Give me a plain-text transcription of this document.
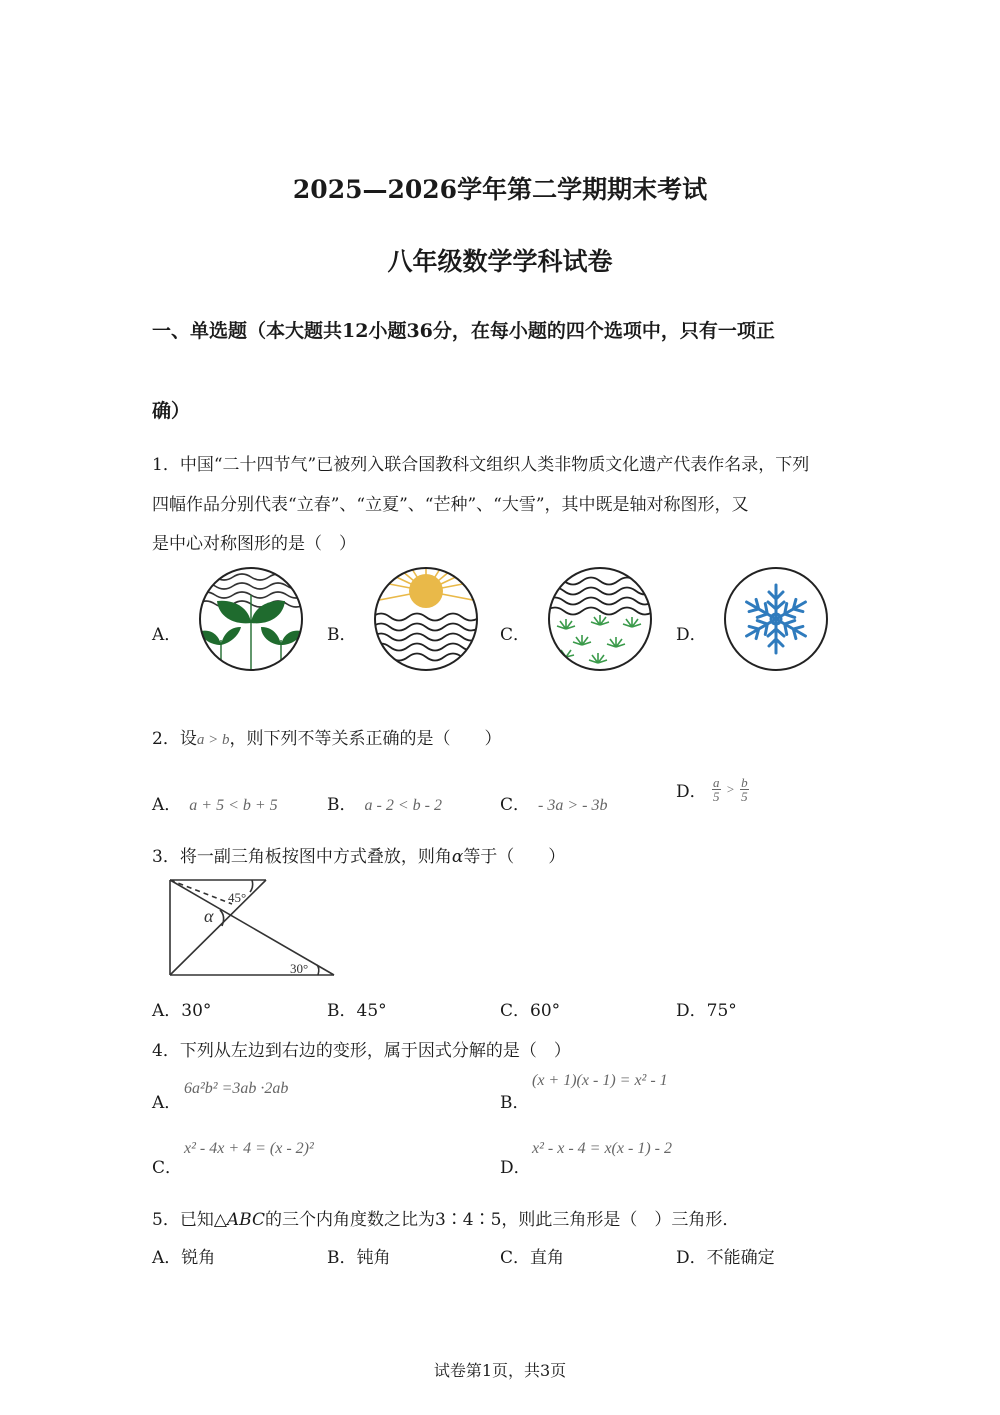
2025—2026学年第二学期期末考试
八年级数学学科试卷
一、单选题（本大题共12小题36分，在每小题的四个选项中，只有一项正
确）
1．中国“二十四节气”已被列入联合国教科文组织人类非物质文化遗产代表作名录，下列
四幅作品分别代表“立春”、“立夏”、“芒种”、“大雪”，其中既是轴对称图形，又
是中心对称图形的是（　）
A．	B．	C．	D．
2．设a > b，则下列不等关系正确的是（　　）
A． a + 5 < b + 5	B． a - 2 < b - 2	C． - 3a > - 3b
D． $\frac{a}{5} > \frac{b}{5}$
3．将一副三角板按图中方式叠放，则角α等于（　　）
45°
30°
α
A．30°	B．45°	C．60°	D．75°
4．下列从左边到右边的变形，属于因式分解的是（　）
A．
6a²b² =3ab ·2ab
B．
(x + 1)(x - 1) = x² - 1
C．
x² - 4x + 4 = (x - 2)²
D．
x² - x - 4 = x(x - 1) - 2
5．已知△ABC的三个内角度数之比为3∶4∶5，则此三角形是（　）三角形．
A．锐角	B．钝角	C．直角	D．不能确定
试卷第1页，共3页
